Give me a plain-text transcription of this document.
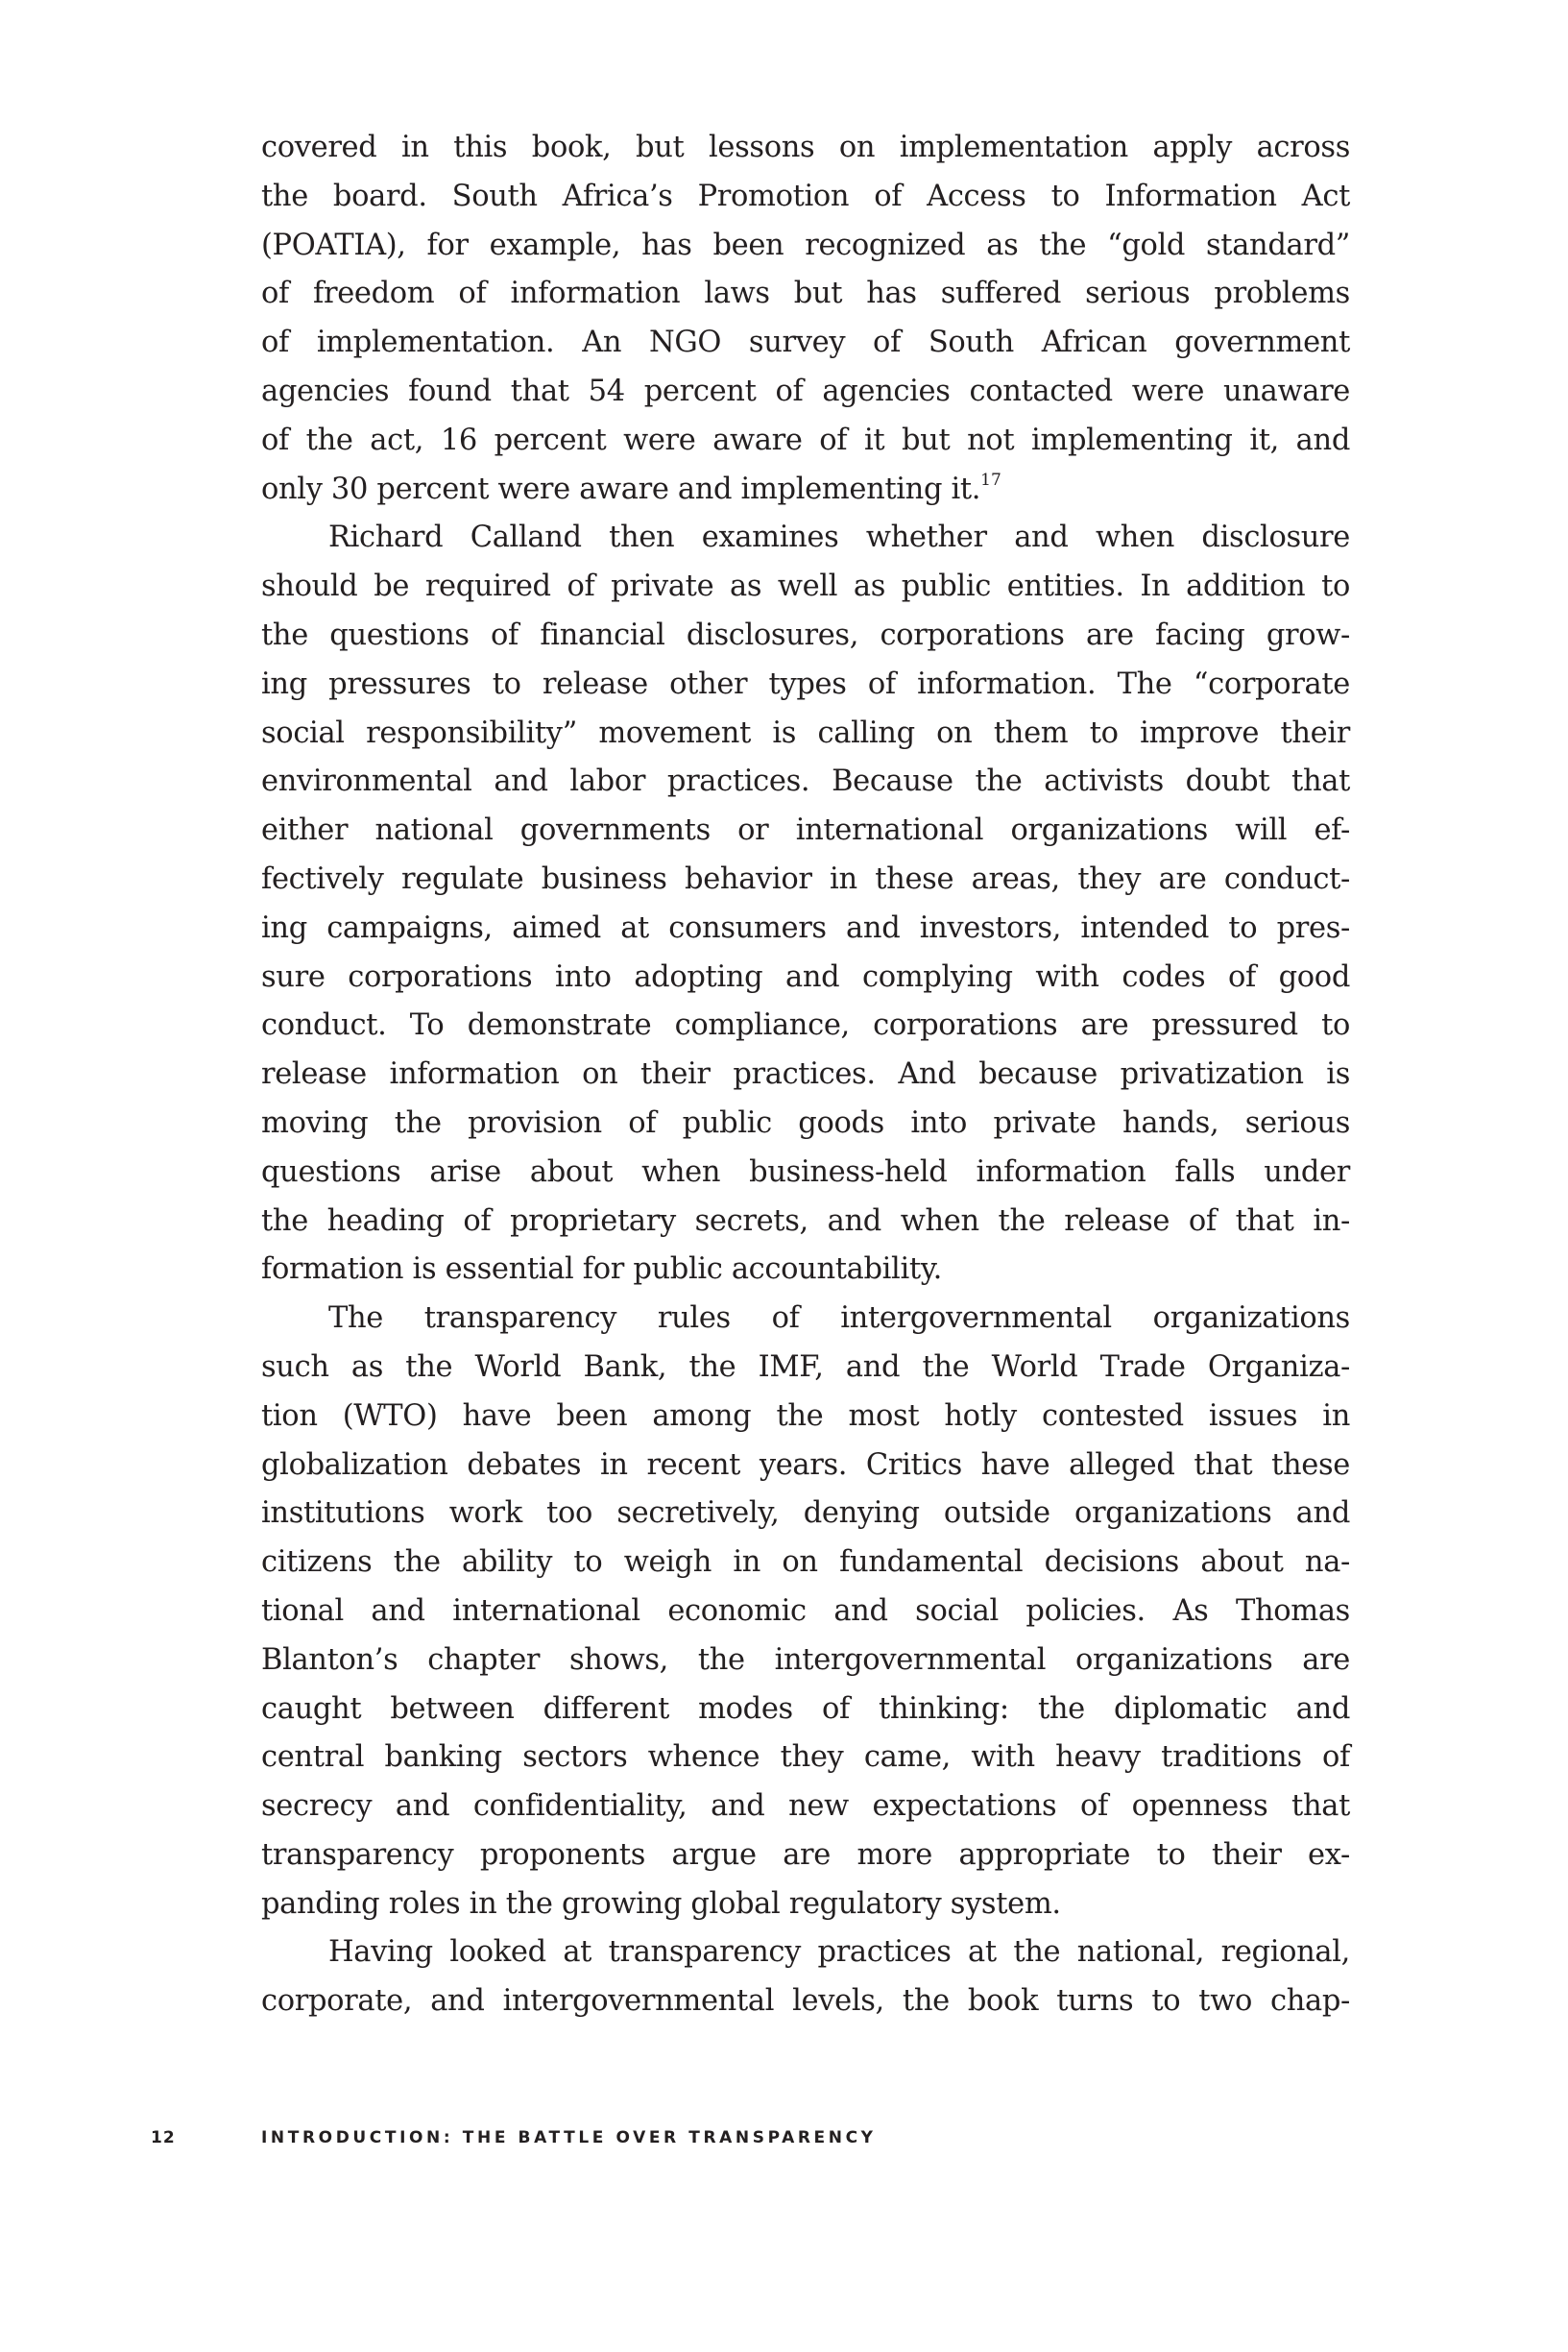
covered in this book, but lessons on implementation apply across
the board. South Africa’s Promotion of Access to Information Act
(POATIA), for example, has been recognized as the “gold standard”
of freedom of information laws but has suffered serious problems
of implementation. An NGO survey of South African government
agencies found that 54 percent of agencies contacted were unaware
of the act, 16 percent were aware of it but not implementing it, and
only 30 percent were aware and implementing it.$^{17}$
Richard Calland then examines whether and when disclosure
should be required of private as well as public entities. In addition to
the questions of financial disclosures, corporations are facing grow-
ing pressures to release other types of information. The “corporate
social responsibility” movement is calling on them to improve their
environmental and labor practices. Because the activists doubt that
either national governments or international organizations will ef-
fectively regulate business behavior in these areas, they are conduct-
ing campaigns, aimed at consumers and investors, intended to pres-
sure corporations into adopting and complying with codes of good
conduct. To demonstrate compliance, corporations are pressured to
release information on their practices. And because privatization is
moving the provision of public goods into private hands, serious
questions arise about when business-held information falls under
the heading of proprietary secrets, and when the release of that in-
formation is essential for public accountability.
The transparency rules of intergovernmental organizations
such as the World Bank, the IMF, and the World Trade Organiza-
tion (WTO) have been among the most hotly contested issues in
globalization debates in recent years. Critics have alleged that these
institutions work too secretively, denying outside organizations and
citizens the ability to weigh in on fundamental decisions about na-
tional and international economic and social policies. As Thomas
Blanton’s chapter shows, the intergovernmental organizations are
caught between different modes of thinking: the diplomatic and
central banking sectors whence they came, with heavy traditions of
secrecy and confidentiality, and new expectations of openness that
transparency proponents argue are more appropriate to their ex-
panding roles in the growing global regulatory system.
Having looked at transparency practices at the national, regional,
corporate, and intergovernmental levels, the book turns to two chap-
12	INTRODUCTION: THE BATTLE OVER TRANSPARENCY
